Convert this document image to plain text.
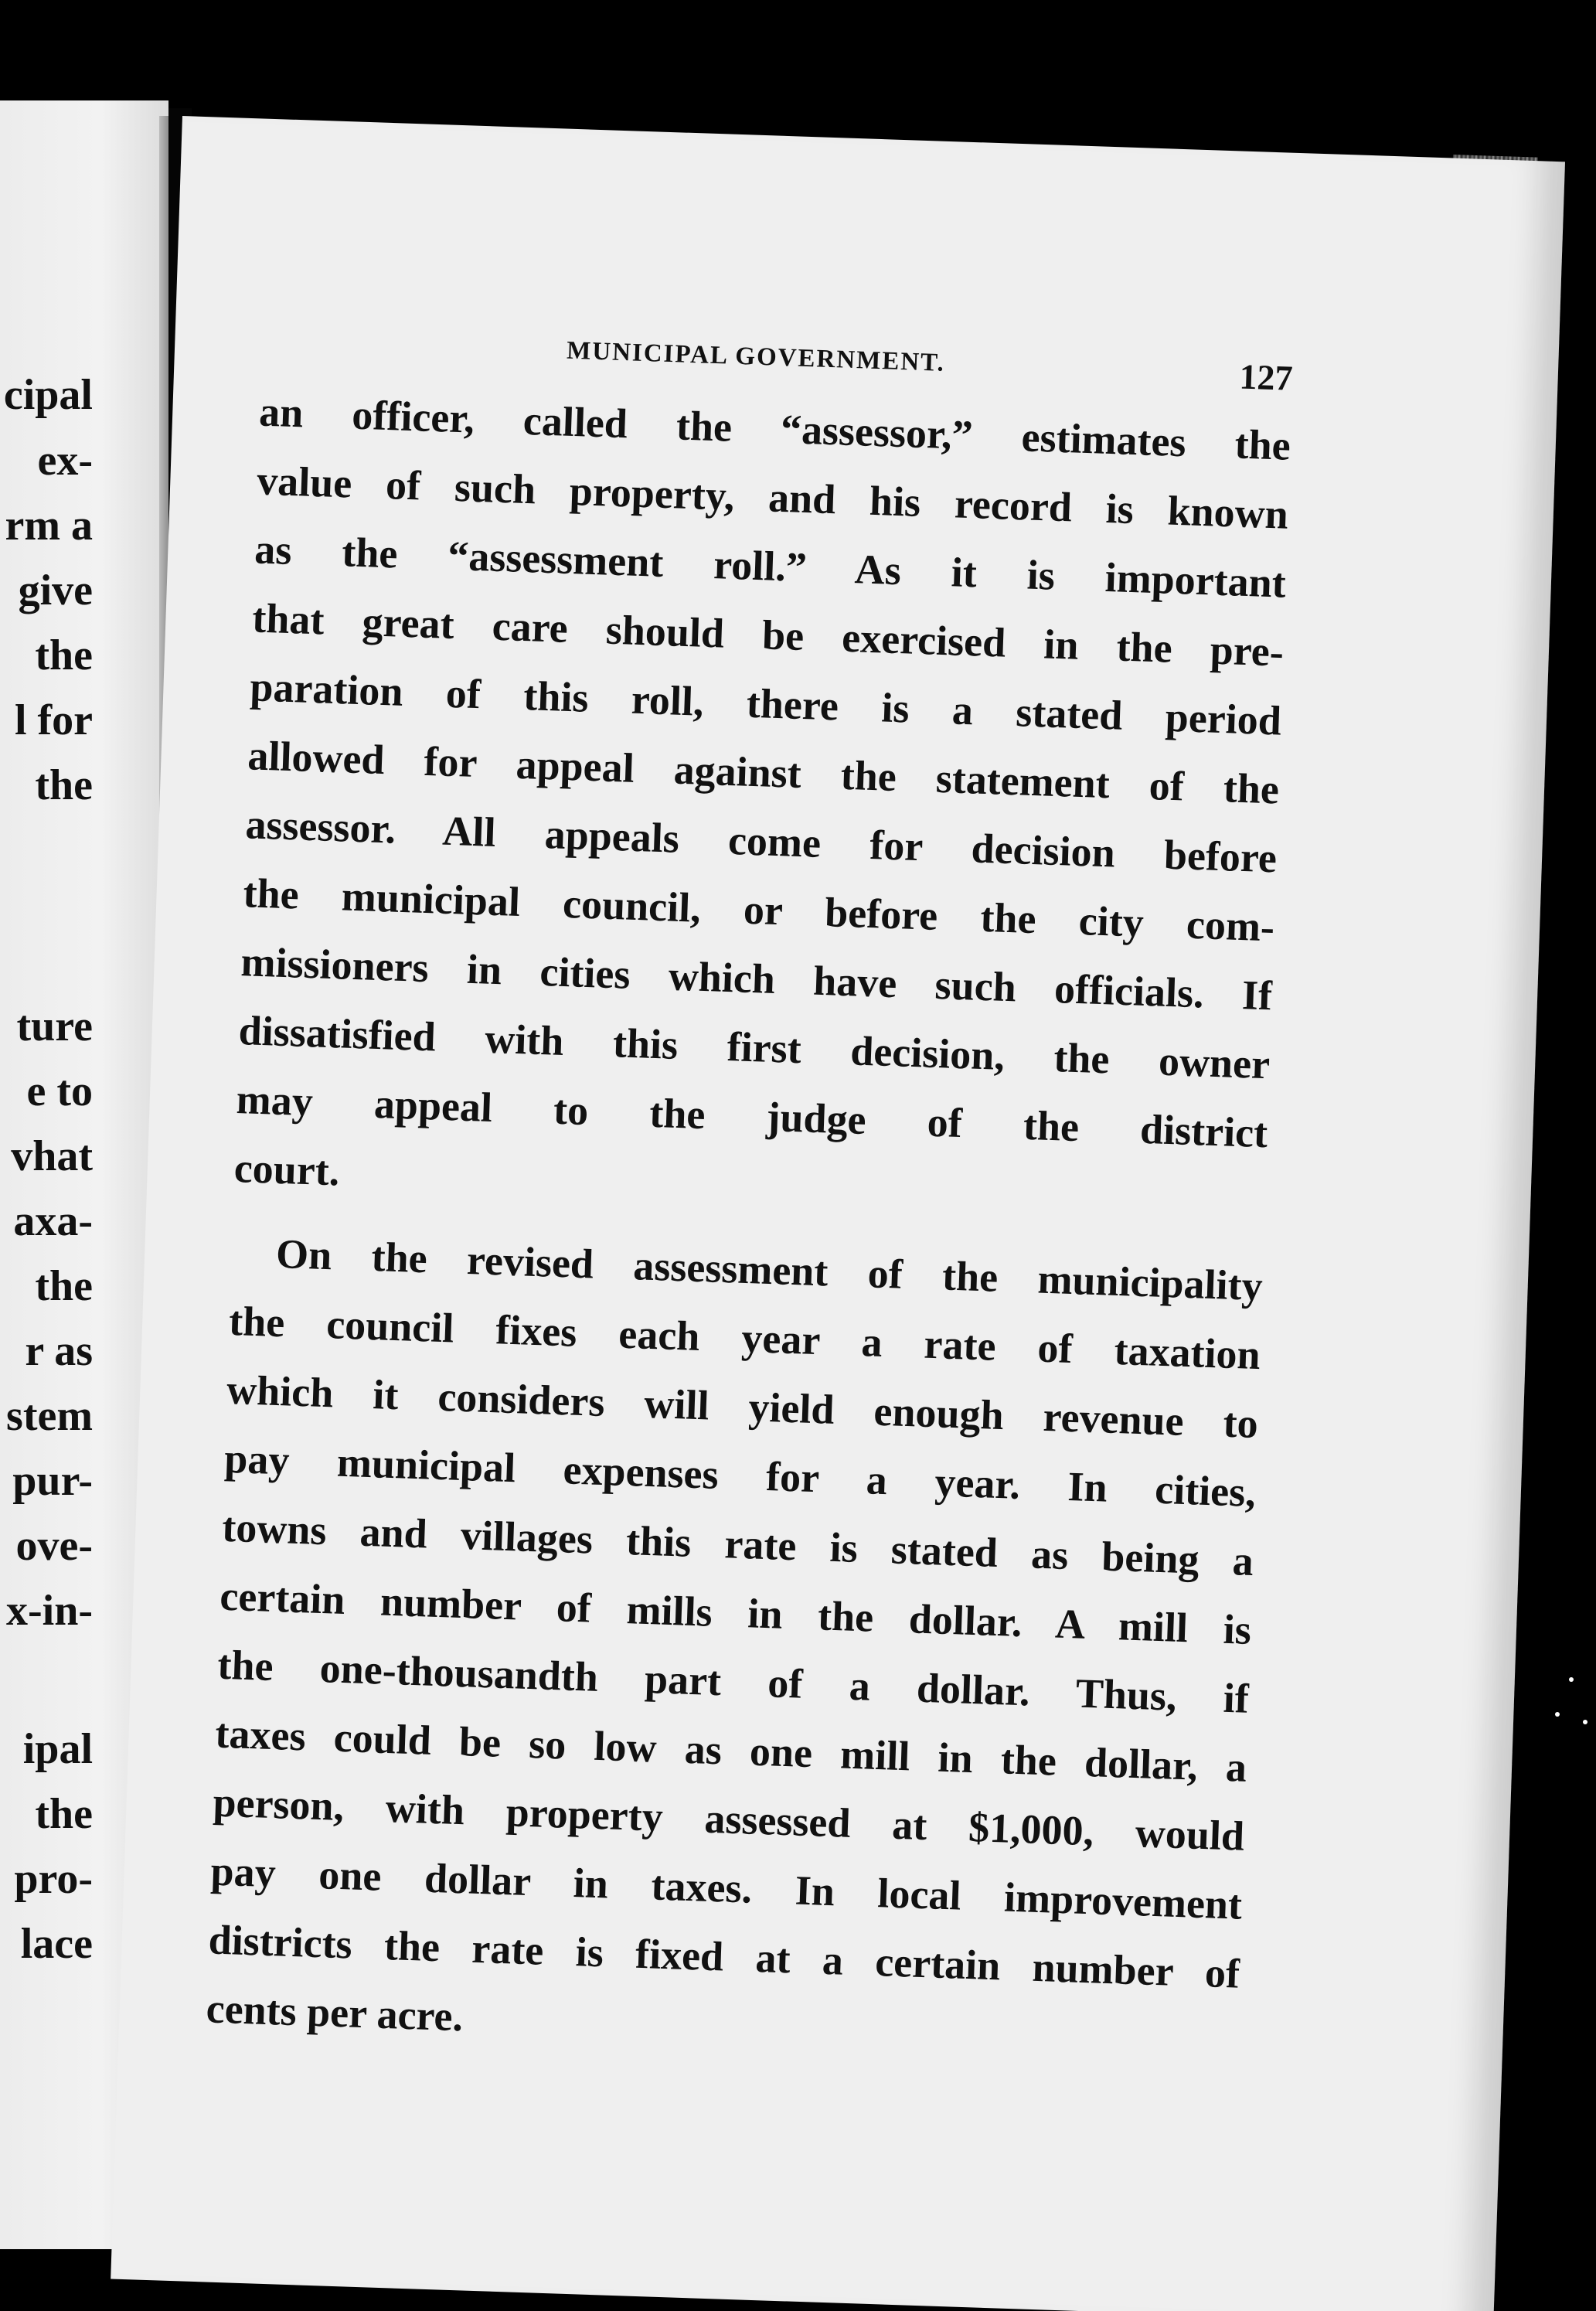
cipal
ex-
rm a
give
the
l for
the
ture
e to
vhat
axa-
the
r as
stem
pur-
ove-
x-in-
ipal
the
pro-
lace
MUNICIPAL GOVERNMENT.	127
an officer, called the “assessor,” estimates the
value of such property, and his record is known
as the “assessment roll.” As it is important
that great care should be exercised in the pre-
paration of this roll, there is a stated period
allowed for appeal against the statement of the
assessor. All appeals come for decision before
the municipal council, or before the city com-
missioners in cities which have such officials. If
dissatisfied with this first decision, the owner
may appeal to the judge of the district
court.
On the revised assessment of the municipality
the council fixes each year a rate of taxation
which it considers will yield enough revenue to
pay municipal expenses for a year. In cities,
towns and villages this rate is stated as being a
certain number of mills in the dollar. A mill is
the one-thousandth part of a dollar. Thus, if
taxes could be so low as one mill in the dollar, a
person, with property assessed at $1,000, would
pay one dollar in taxes. In local improvement
districts the rate is fixed at a certain number of
cents per acre.
